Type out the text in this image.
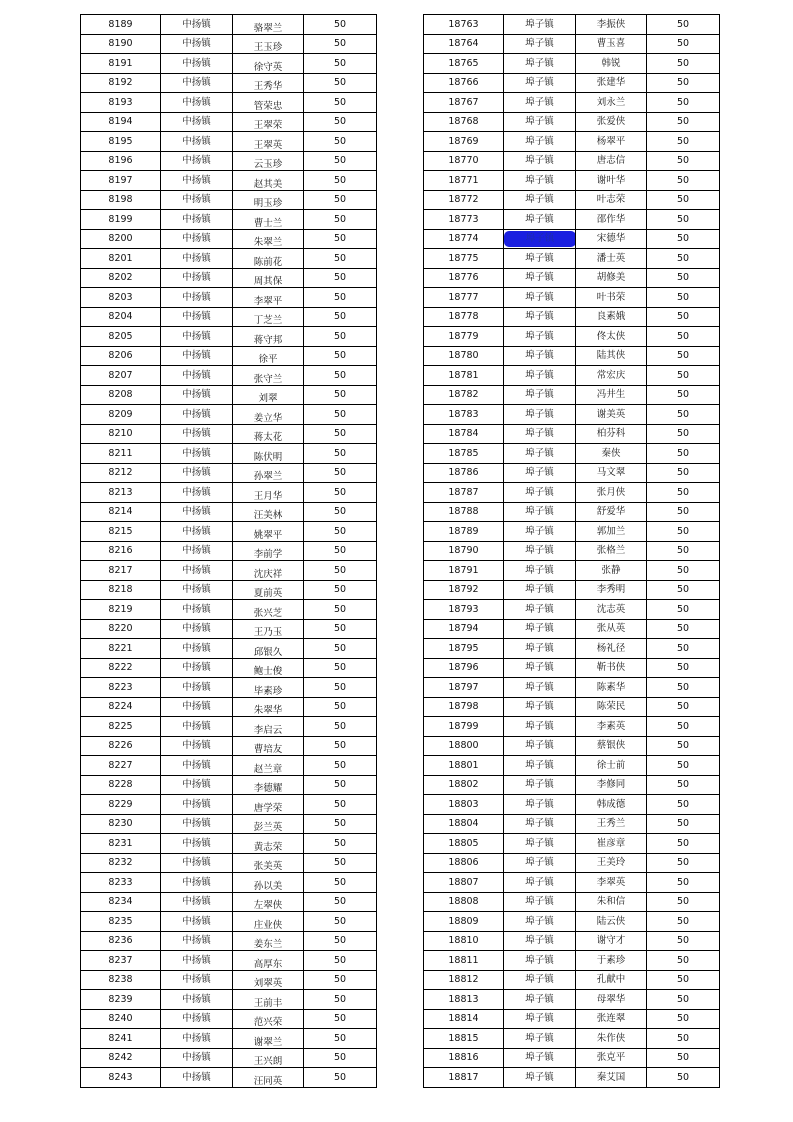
8189	中扬镇	骆翠兰	50
8190	中扬镇	王玉珍	50
8191	中扬镇	徐守英	50
8192	中扬镇	王秀华	50
8193	中扬镇	管荣忠	50
8194	中扬镇	王翠荣	50
8195	中扬镇	王翠英	50
8196	中扬镇	云玉珍	50
8197	中扬镇	赵其美	50
8198	中扬镇	明玉珍	50
8199	中扬镇	曹士兰	50
8200	中扬镇	朱翠兰	50
8201	中扬镇	陈前花	50
8202	中扬镇	周其保	50
8203	中扬镇	李翠平	50
8204	中扬镇	丁芝兰	50
8205	中扬镇	蒋守邦	50
8206	中扬镇	徐平	50
8207	中扬镇	张守兰	50
8208	中扬镇	刘翠	50
8209	中扬镇	姜立华	50
8210	中扬镇	蒋太花	50
8211	中扬镇	陈伏明	50
8212	中扬镇	孙翠兰	50
8213	中扬镇	王月华	50
8214	中扬镇	汪美林	50
8215	中扬镇	姚翠平	50
8216	中扬镇	李前学	50
8217	中扬镇	沈庆祥	50
8218	中扬镇	夏前英	50
8219	中扬镇	张兴芝	50
8220	中扬镇	王乃玉	50
8221	中扬镇	邱银久	50
8222	中扬镇	鲍士俊	50
8223	中扬镇	毕素珍	50
8224	中扬镇	朱翠华	50
8225	中扬镇	李启云	50
8226	中扬镇	曹培友	50
8227	中扬镇	赵兰章	50
8228	中扬镇	李德耀	50
8229	中扬镇	唐学荣	50
8230	中扬镇	彭兰英	50
8231	中扬镇	黄志荣	50
8232	中扬镇	张美英	50
8233	中扬镇	孙以美	50
8234	中扬镇	左翠侠	50
8235	中扬镇	庄业侠	50
8236	中扬镇	姜东兰	50
8237	中扬镇	高厚东	50
8238	中扬镇	刘翠英	50
8239	中扬镇	王前丰	50
8240	中扬镇	范兴荣	50
8241	中扬镇	谢翠兰	50
8242	中扬镇	王兴朗	50
8243	中扬镇	汪同英	50
18763	埠子镇	李振侠	50
18764	埠子镇	曹玉喜	50
18765	埠子镇	韩锐	50
18766	埠子镇	张建华	50
18767	埠子镇	刘永兰	50
18768	埠子镇	张爱侠	50
18769	埠子镇	杨翠平	50
18770	埠子镇	唐志信	50
18771	埠子镇	谢叶华	50
18772	埠子镇	叶志荣	50
18773	埠子镇	邵作华	50
18774	埠子镇	宋德华	50
18775	埠子镇	潘士英	50
18776	埠子镇	胡修美	50
18777	埠子镇	叶书荣	50
18778	埠子镇	良素娥	50
18779	埠子镇	佟太侠	50
18780	埠子镇	陆其侠	50
18781	埠子镇	常宏庆	50
18782	埠子镇	冯井生	50
18783	埠子镇	谢美英	50
18784	埠子镇	柏芬科	50
18785	埠子镇	秦侠	50
18786	埠子镇	马文翠	50
18787	埠子镇	张月侠	50
18788	埠子镇	舒爱华	50
18789	埠子镇	郭加兰	50
18790	埠子镇	张格兰	50
18791	埠子镇	张静	50
18792	埠子镇	李秀明	50
18793	埠子镇	沈志英	50
18794	埠子镇	张从英	50
18795	埠子镇	杨礼径	50
18796	埠子镇	靳书侠	50
18797	埠子镇	陈素华	50
18798	埠子镇	陈荣民	50
18799	埠子镇	李素英	50
18800	埠子镇	蔡银侠	50
18801	埠子镇	徐士前	50
18802	埠子镇	李修同	50
18803	埠子镇	韩成德	50
18804	埠子镇	王秀兰	50
18805	埠子镇	崔彦章	50
18806	埠子镇	王美玲	50
18807	埠子镇	李翠英	50
18808	埠子镇	朱和信	50
18809	埠子镇	陆云侠	50
18810	埠子镇	谢守才	50
18811	埠子镇	于素珍	50
18812	埠子镇	孔献中	50
18813	埠子镇	母翠华	50
18814	埠子镇	张连翠	50
18815	埠子镇	朱作侠	50
18816	埠子镇	张克平	50
18817	埠子镇	秦艾国	50
